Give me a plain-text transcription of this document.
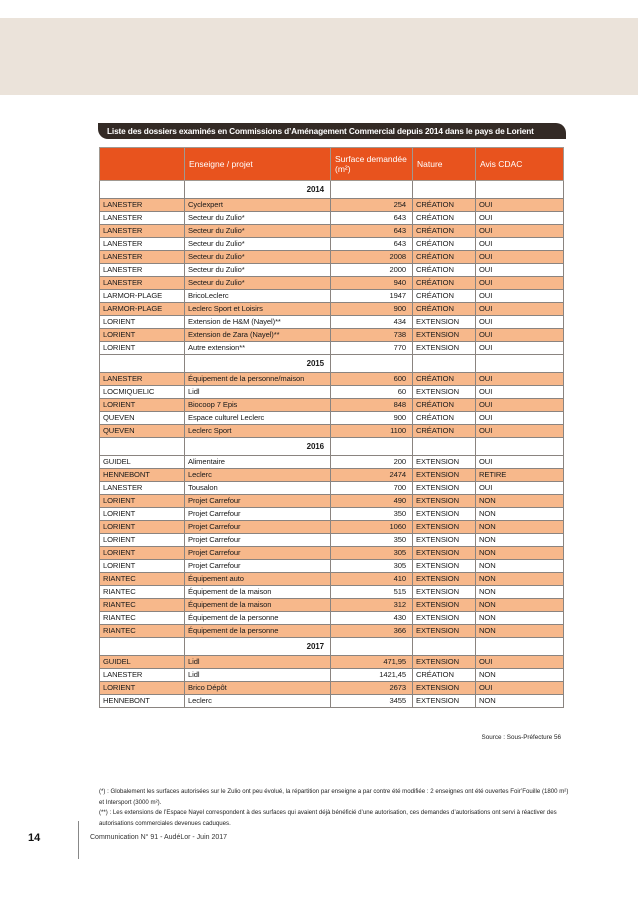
Liste des dossiers examinés en Commissions d’Aménagement Commercial depuis 2014 dans le pays de Lorient
	Enseigne / projet	Surface demandée (m²)	Nature	Avis CDAC
	2014			
LANESTER	Cyclexpert	254	CRÉATION	OUI
LANESTER	Secteur du Zulio*	643	CRÉATION	OUI
LANESTER	Secteur du Zulio*	643	CRÉATION	OUI
LANESTER	Secteur du Zulio*	643	CRÉATION	OUI
LANESTER	Secteur du Zulio*	2008	CRÉATION	OUI
LANESTER	Secteur du Zulio*	2000	CRÉATION	OUI
LANESTER	Secteur du Zulio*	940	CRÉATION	OUI
LARMOR-PLAGE	BricoLeclerc	1947	CRÉATION	OUI
LARMOR-PLAGE	Leclerc Sport et Loisirs	900	CRÉATION	OUI
LORIENT	Extension de H&M (Nayel)**	434	EXTENSION	OUI
LORIENT	Extension de Zara (Nayel)**	738	EXTENSION	OUI
LORIENT	Autre extension**	770	EXTENSION	OUI
	2015			
LANESTER	Équipement de la personne/maison	600	CRÉATION	OUI
LOCMIQUELIC	Lidl	60	EXTENSION	OUI
LORIENT	Biocoop 7 Epis	848	CRÉATION	OUI
QUEVEN	Espace culturel Leclerc	900	CRÉATION	OUI
QUEVEN	Leclerc Sport	1100	CRÉATION	OUI
	2016			
GUIDEL	Alimentaire	200	EXTENSION	OUI
HENNEBONT	Leclerc	2474	EXTENSION	RETIRE
LANESTER	Tousalon	700	EXTENSION	OUI
LORIENT	Projet Carrefour	490	EXTENSION	NON
LORIENT	Projet Carrefour	350	EXTENSION	NON
LORIENT	Projet Carrefour	1060	EXTENSION	NON
LORIENT	Projet Carrefour	350	EXTENSION	NON
LORIENT	Projet Carrefour	305	EXTENSION	NON
LORIENT	Projet Carrefour	305	EXTENSION	NON
RIANTEC	Équipement auto	410	EXTENSION	NON
RIANTEC	Équipement de la maison	515	EXTENSION	NON
RIANTEC	Équipement de la maison	312	EXTENSION	NON
RIANTEC	Équipement de la personne	430	EXTENSION	NON
RIANTEC	Équipement de la personne	366	EXTENSION	NON
	2017			
GUIDEL	Lidl	471,95	EXTENSION	OUI
LANESTER	Lidl	1421,45	CRÉATION	NON
LORIENT	Brico Dépôt	2673	EXTENSION	OUI
HENNEBONT	Leclerc	3455	EXTENSION	NON
Source : Sous-Préfecture 56

(*) : Globalement les surfaces autorisées sur le Zulio ont peu évolué, la répartition par enseigne a par contre été modifiée : 2 enseignes ont été ouvertes Foir’Fouille (1800 m²) et Intersport (3000 m²).

(**) : Les extensions de l’Espace Nayel correspondent à des surfaces qui avaient déjà bénéficié d’une autorisation, ces demandes d’autorisations ont servi à réactiver des autorisations commerciales devenues caduques.

14	Communication N° 91 - AudéLor - Juin 2017
